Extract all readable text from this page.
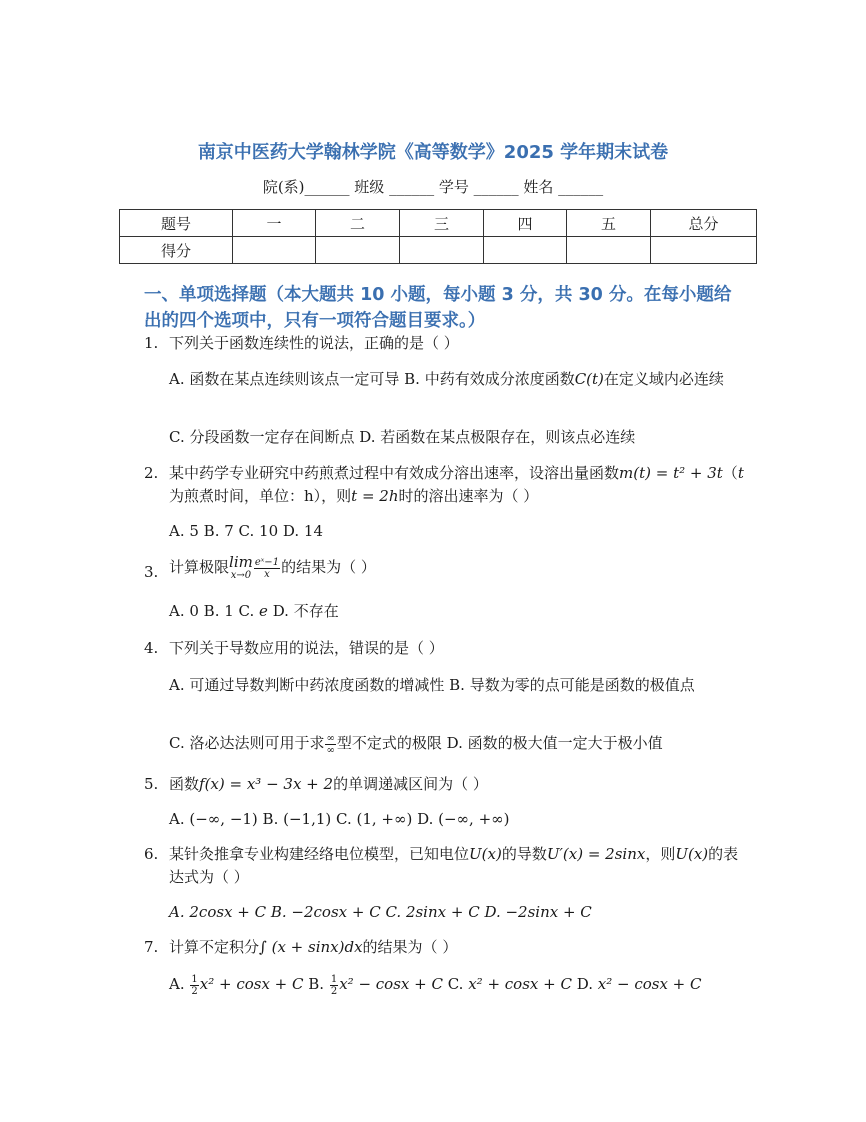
南京中医药大学翰林学院《高等数学》2025 学年期末试卷
院(系)______ 班级 ______ 学号 ______ 姓名 ______
题号	一	二	三	四	五	总分
得分						
一、单项选择题（本大题共 10 小题，每小题 3 分，共 30 分。在每小题给出的四个选项中，只有一项符合题目要求。）
1. 下列关于函数连续性的说法，正确的是（ ）
A. 函数在某点连续则该点一定可导 B. 中药有效成分浓度函数C(t)在定义域内必连续
C. 分段函数一定存在间断点 D. 若函数在某点极限存在，则该点必连续
2. 某中药学专业研究中药煎煮过程中有效成分溶出速率，设溶出量函数m(t) = t² + 3t（t为煎煮时间，单位：h），则t = 2h时的溶出速率为（ ）
A. 5 B. 7 C. 10 D. 14
3. 计算极限lim
$x\to 0 \frac{\text{eˣ−1}}{x}$ 的结果为（ ）
A. 0 B. 1 C. e D. 不存在
4. 下列关于导数应用的说法，错误的是（ ）
A. 可通过导数判断中药浓度函数的增减性 B. 导数为零的点可能是函数的极值点
C. 洛必达法则可用于求 $\frac{\infty}{\infty}$ 型不定式的极限 D. 函数的极大值一定大于极小值
5. 函数f(x) = x³ − 3x + 2的单调递减区间为（ ）
A. (−∞, −1) B. (−1,1) C. (1, +∞) D. (−∞, +∞)
6. 某针灸推拿专业构建经络电位模型，已知电位U(x)的导数U′(x) = 2sinx，则U(x)的表达式为（ ）
A. 2cosx + C B. −2cosx + C C. 2sinx + C D. −2sinx + C
7. 计算不定积分∫ (x + sinx)dx的结果为（ ）
A. $\frac{1}{2} x^2 + \cos x + C$ B. $\frac{1}{2} x^2 - \cos x + C$ C. x² + cosx + C D. x² − cosx + C
